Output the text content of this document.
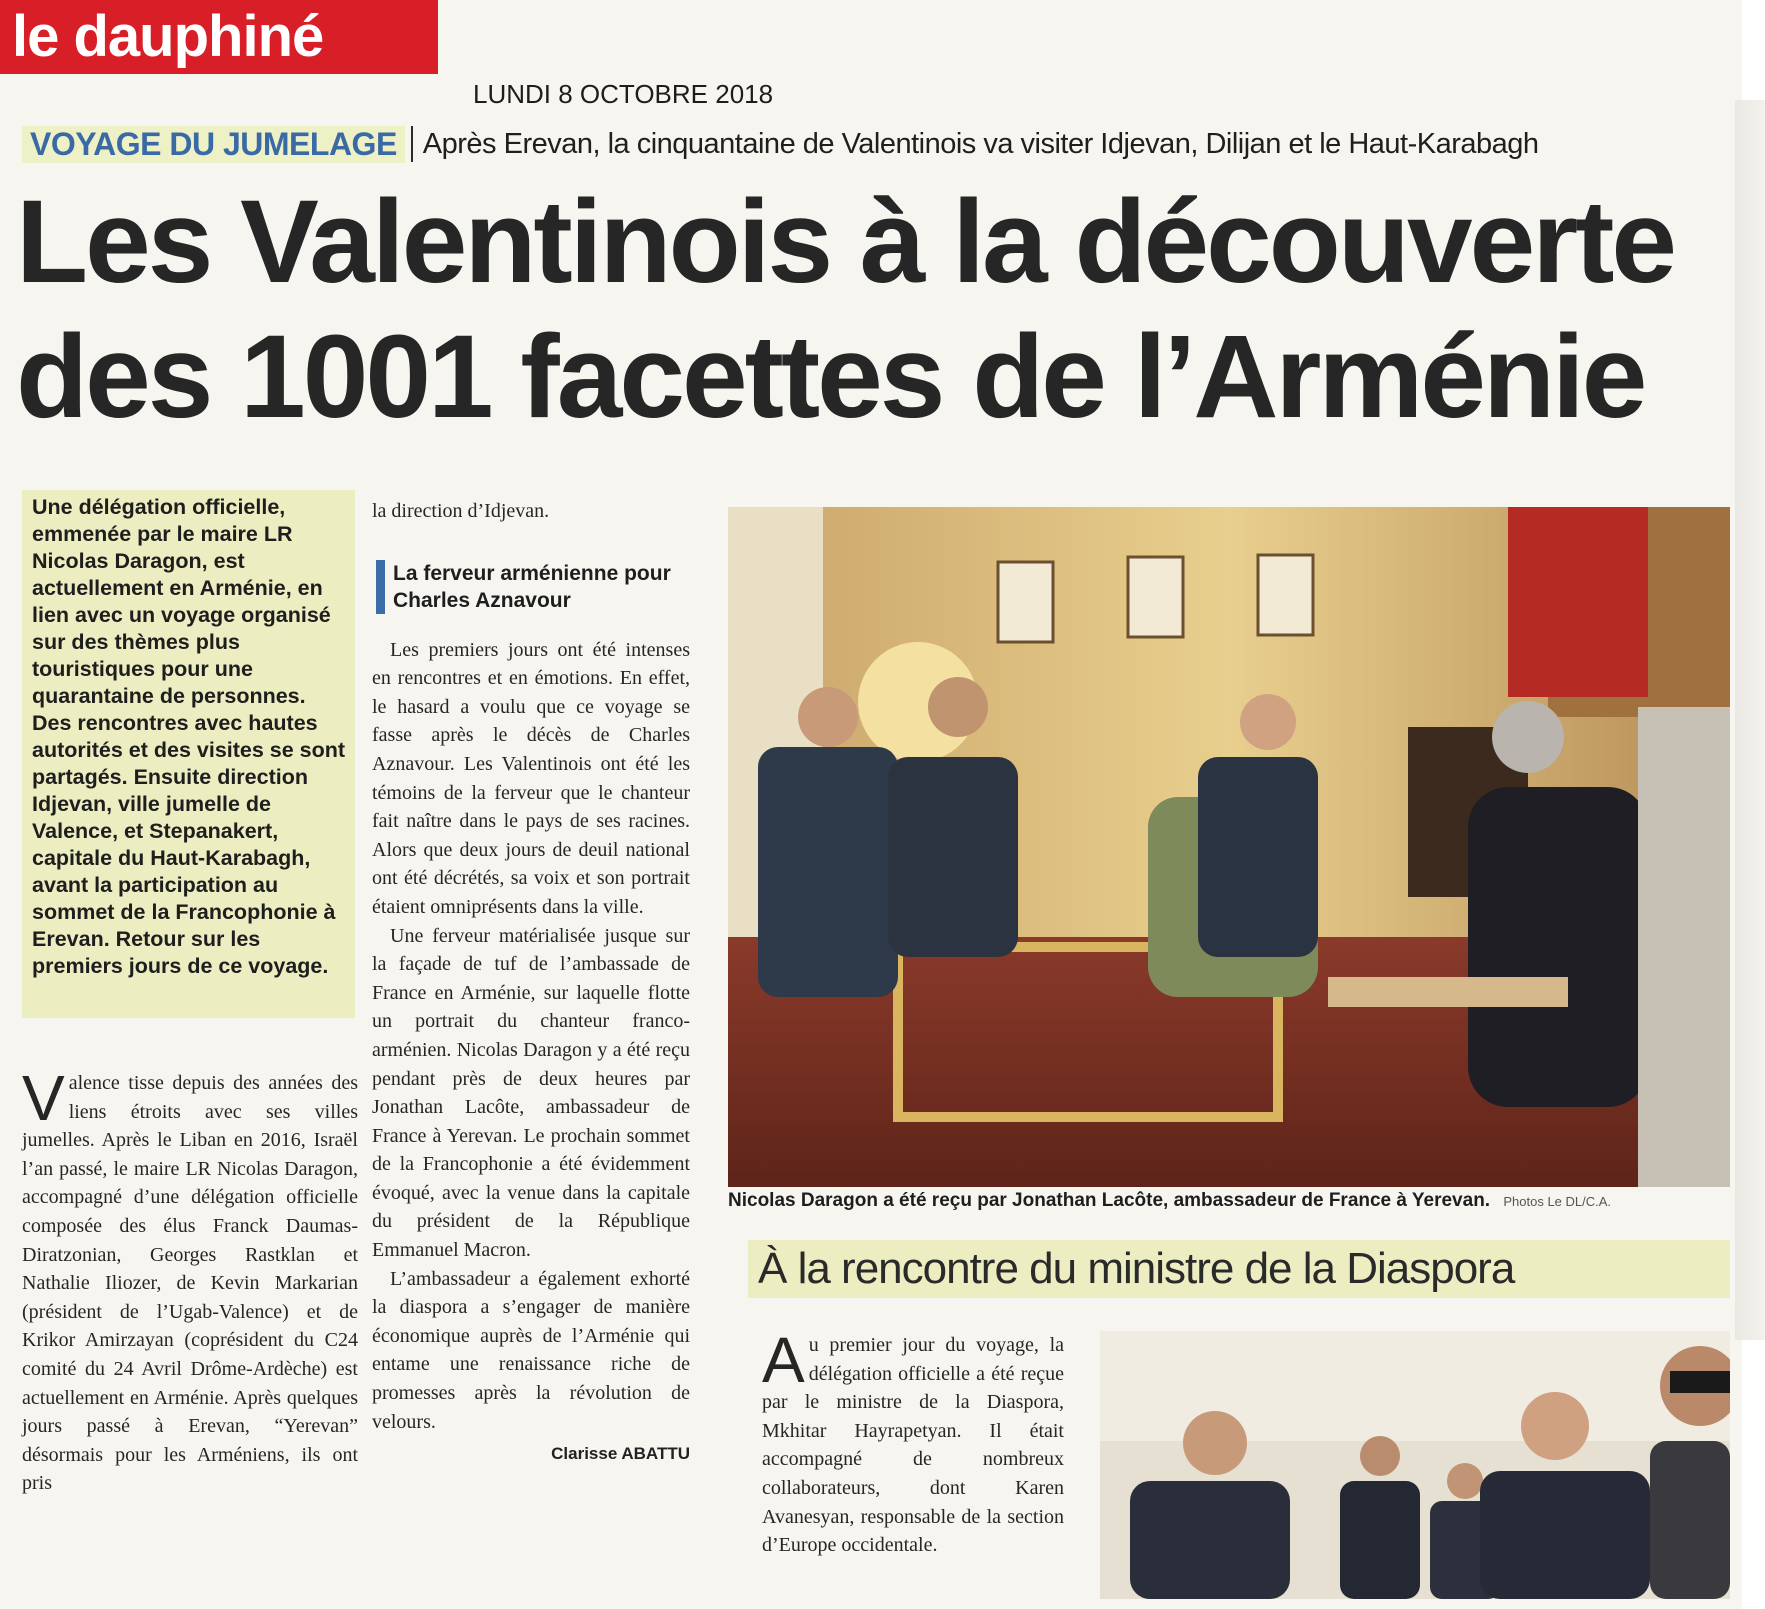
le dauphiné	libéré
LUNDI 8 OCTOBRE 2018
VOYAGE DU JUMELAGE Après Erevan, la cinquantaine de Valentinois va visiter Idjevan, Dilijan et le Haut-Karabagh
Les Valentinois à la découverte
des 1001 facettes de l’Arménie
Une délégation officielle, emmenée par le maire LR Nicolas Daragon, est actuellement en Arménie, en lien avec un voyage organisé sur des thèmes plus touristiques pour une quarantaine de personnes. Des rencontres avec hautes autorités et des visites se sont partagés. Ensuite direction Idjevan, ville jumelle de Valence, et Stepanakert, capitale du Haut-Karabagh, avant la participation au sommet de la Francophonie à Erevan. Retour sur les premiers jours de ce voyage.
V alence tisse depuis des années des liens étroits avec ses villes jumelles. Après le Liban en 2016, Israël l’an passé, le maire LR Nicolas Daragon, accompagné d’une délégation officielle composée des élus Franck Daumas-Diratzonian, Georges Rastklan et Nathalie Iliozer, de Kevin Markarian (président de l’Ugab-Valence) et de Krikor Amirzayan (coprésident du C24 comité du 24 Avril Drôme-Ardèche) est actuellement en Arménie. Après quelques jours passé à Erevan, “Yerevan” désormais pour les Arméniens, ils ont pris

la direction d’Idjevan.

La ferveur arménienne pour Charles Aznavour

Les premiers jours ont été intenses en rencontres et en émotions. En effet, le hasard a voulu que ce voyage se fasse après le décès de Charles Aznavour. Les Valentinois ont été les témoins de la ferveur que le chanteur fait naître dans le pays de ses racines. Alors que deux jours de deuil national ont été décrétés, sa voix et son portrait étaient omniprésents dans la ville.

Une ferveur matérialisée jusque sur la façade de tuf de l’ambassade de France en Arménie, sur laquelle flotte un portrait du chanteur franco-arménien. Nicolas Daragon y a été reçu pendant près de deux heures par Jonathan Lacôte, ambassadeur de France à Yerevan. Le prochain sommet de la Francophonie a été évidemment évoqué, avec la venue dans la capitale du président de la République Emmanuel Macron.

L’ambassadeur a également exhorté la diaspora a s’engager de manière économique auprès de l’Arménie qui entame une renaissance riche de promesses après la révolution de velours.

Clarisse ABATTU

Nicolas Daragon a été reçu par Jonathan Lacôte, ambassadeur de France à Yerevan. Photos Le DL/C.A.
À la rencontre du ministre de la Diaspora
A u premier jour du voyage, la délégation officielle a été reçue par le ministre de la Diaspora, Mkhitar Hayrapetyan. Il était accompagné de nombreux collaborateurs, dont Karen Avanesyan, responsable de la section d’Europe occidentale.
